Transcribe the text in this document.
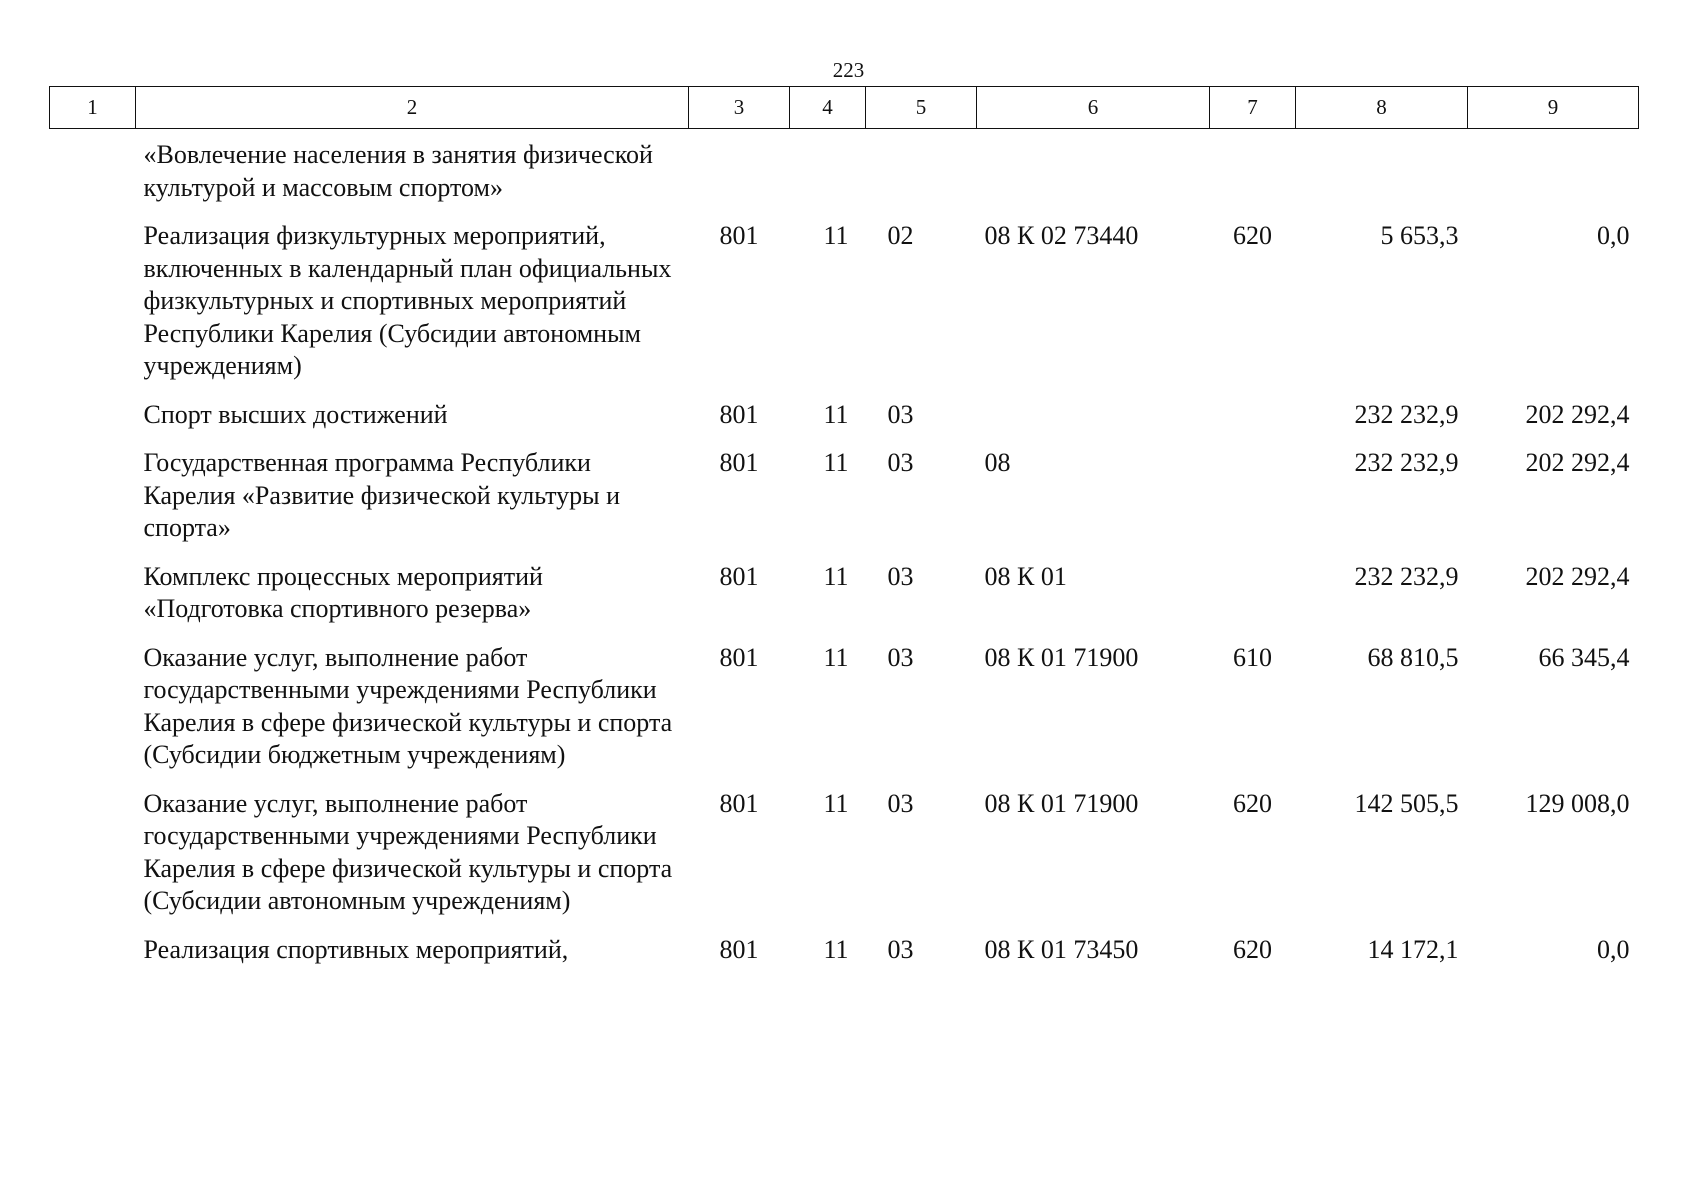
223
1	2	3	4	5	6	7	8	9
«Вовлечение населения в занятия физической культурой и массовым спортом»								
Реализация физкультурных мероприятий, включенных в календарный план официальных физкультурных и спортивных мероприятий Республики Карелия (Субсидии автономным учреждениям)		801	11	02	08 К 02 73440	620	5 653,3	0,0
Спорт высших достижений		801	11	03			232 232,9	202 292,4
Государственная программа Республики Карелия «Развитие физической культуры и спорта»		801	11	03	08		232 232,9	202 292,4
Комплекс процессных мероприятий «Подготовка спортивного резерва»		801	11	03	08 К 01		232 232,9	202 292,4
Оказание услуг, выполнение работ государственными учреждениями Республики Карелия в сфере физической культуры и спорта (Субсидии бюджетным учреждениям)		801	11	03	08 К 01 71900	610	68 810,5	66 345,4
Оказание услуг, выполнение работ государственными учреждениями Республики Карелия в сфере физической культуры и спорта (Субсидии автономным учреждениям)		801	11	03	08 К 01 71900	620	142 505,5	129 008,0
Реализация спортивных мероприятий,		801	11	03	08 К 01 73450	620	14 172,1	0,0
